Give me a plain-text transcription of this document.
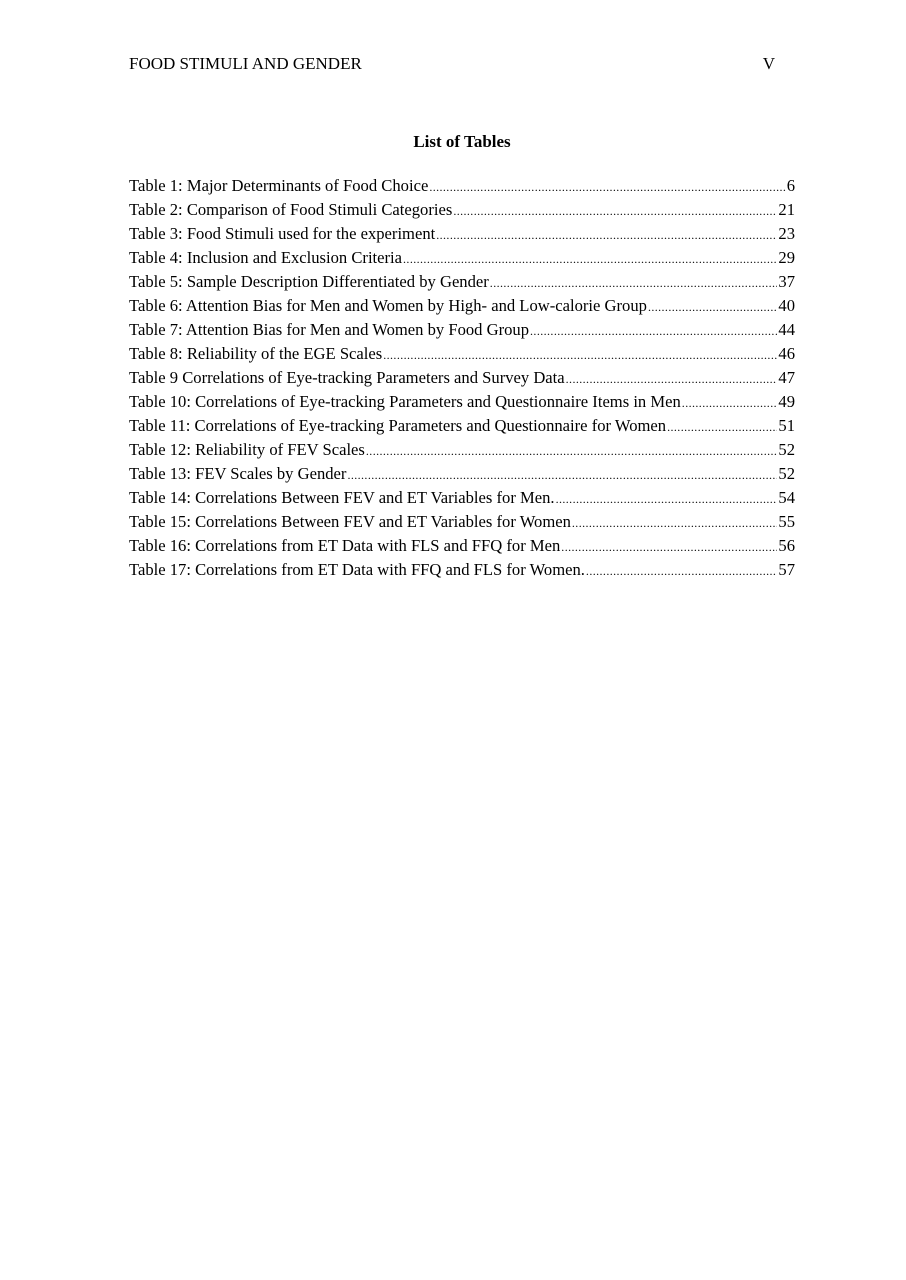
FOOD STIMULI AND GENDER	V
List of Tables
Table 1: Major Determinants of Food Choice .....	6
Table 2: Comparison of Food Stimuli Categories .....	21
Table 3: Food Stimuli used for the experiment .....	23
Table 4: Inclusion and Exclusion Criteria .....	29
Table 5: Sample Description Differentiated by Gender .....	37
Table 6: Attention Bias for Men and Women by High- and Low-calorie Group .....	40
Table 7: Attention Bias for Men and Women by Food Group .....	44
Table 8: Reliability of the EGE Scales .....	46
Table 9 Correlations of Eye-tracking Parameters and Survey Data .....	47
Table 10: Correlations of Eye-tracking Parameters and Questionnaire Items in Men .....	49
Table 11: Correlations of Eye-tracking Parameters and Questionnaire for Women .....	51
Table 12: Reliability of FEV Scales .....	52
Table 13: FEV Scales by Gender .....	52
Table 14: Correlations Between FEV and ET Variables for Men. .....	54
Table 15: Correlations Between FEV and ET Variables for Women .....	55
Table 16: Correlations from ET Data with FLS and FFQ for Men .....	56
Table 17: Correlations from ET Data with FFQ and FLS for Women. .....	57
